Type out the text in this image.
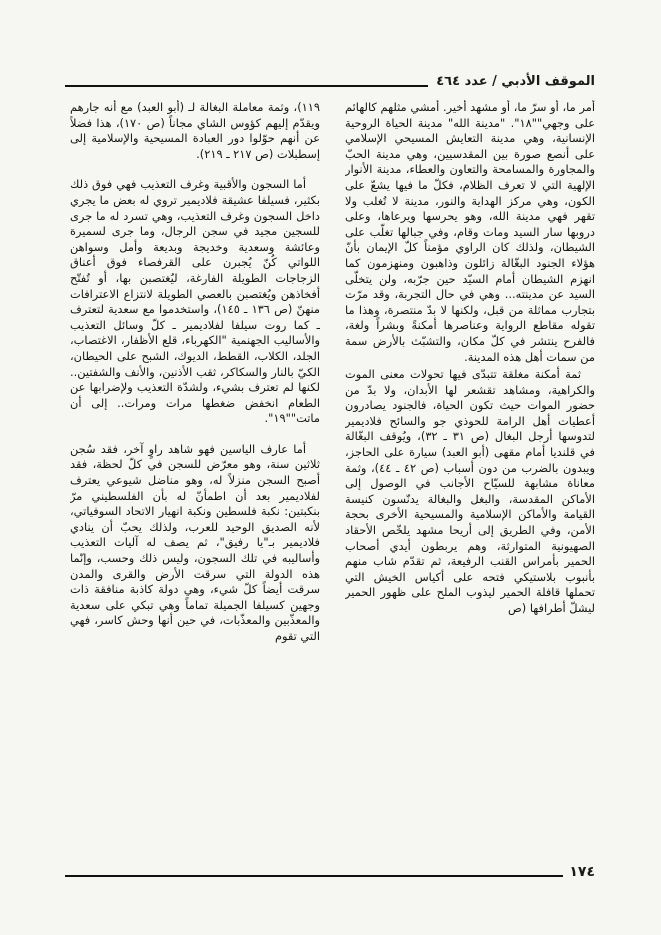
الموقف الأدبي / عدد ٤٦٤

أمر ما، أو سرّ ما، أو مشهد أخير. أمشي مثلهم كالهائم على وجهي""١٨". "مدينة الله" مدينة الحياة الروحية الإنسانية، وهي مدينة التعايش المسيحي الإسلامي على أنصع صورة بين المقدسيين، وهي مدينة الحبّ والمجاورة والمسامحة والتعاون والعطاء، مدينة الأنوار الإلهية التي لا تعرف الظلام، فكلّ ما فيها يشعّ على الكون، وهي مركز الهداية والنور، مدينة لا تُغلب ولا تقهر فهي مدينة الله، وهو يحرسها ويرعاها، وعلى دروبها سار السيد ومات وقام، وفي جبالها تغلّب على الشيطان، ولذلك كان الراوي مؤمناً كلّ الإيمان بأنّ هؤلاء الجنود البغّالة زائلون وذاهبون ومنهزمون كما انهزم الشيطان أمام السيّد حين جرّبه، ولن يتخلّى السيد عن مدينته... وهي في حال التجربة، وقد مرّت بتجارب مماثلة من قبل، ولكنها لا بدّ منتصرة، وهذا ما تقوله مقاطع الرواية وعناصرها أمكنةً وبشراً ولغة، فالفرح ينتشر في كلّ مكان، والتشبّث بالأرض سمة من سمات أهل هذه المدينة.

ثمة أمكنة مغلقة تتبدّى فيها تحولات معنى الموت والكراهية، ومشاهد تقشعر لها الأبدان، ولا بدّ من حضور الموات حيث تكون الحياة، فالجنود يصادرون أعطيات أهل الرامة للحوذي جو والسائح فلاديمير لتدوسها أرجل البغال (ص ٣١ ـ ٣٢)، ويُوقف البغّالة في قلنديا أمام مقهى (أبو العبد) سيارة على الحاجز، ويبدون بالضرب من دون أسباب (ص ٤٢ ـ ٤٤)، وثمة معاناة مشابهة للسيّاح الأجانب في الوصول إلى الأماكن المقدسة، والبغل والبغالة يدنّسون كنيسة القيامة والأماكن الإسلامية والمسيحية الأخرى بحجة الأمن، وفي الطريق إلى أريحا مشهد يلخّص الأحقاد الصهيونية المتوارثة، وهم يربطون أيدي أصحاب الحمير بأمراس القنب الرفيعة، ثم تقدّم شاب منهم بأنبوب بلاستيكي فتحه على أكياس الخيش التي تحملها قافلة الحمير ليذوب الملح على ظهور الحمير ليشلّ أطرافها (ص

١١٩)، وثمة معاملة البغالة لـ (أبو العبد) مع أنه جارهم ويقدّم إليهم كؤوس الشاي مجاناً (ص ١٧٠)، هذا فضلاً عن أنهم حوّلوا دور العبادة المسيحية والإسلامية إلى إسطبلات (ص ٢١٧ ـ ٢١٩).

أما السجون والأقبية وغرف التعذيب فهي فوق ذلك بكثير، فسيلفا عشيقة فلاديمير تروي له بعض ما يجري داخل السجون وغرف التعذيب، وهي تسرد له ما جرى للسجين مجيد في سجن الرجال، وما جرى لسميرة وعائشة وسعدية وخديجة وبديعة وأمل وسواهن اللواتي كُنّ يُجبرن على القرفصاء فوق أعناق الزجاجات الطويلة الفارغة، ليُغتصبن بها، أو تُفتّح أفخاذهن ويُغتصبن بالعصي الطويلة لانتزاع الاعترافات منهنّ (ص ١٣٦ ـ ١٤٥)، واستخدموا مع سعدية لتعترف ـ كما روت سيلفا لفلاديمير ـ كلّ وسائل التعذيب والأساليب الجهنمية "الكهرباء، قلع الأظفار، الاغتصاب، الجلد، الكلاب، القطط، الديوك، الشبح على الحيطان، الكيّ بالنار والسكاكر، ثقب الأذنين، والأنف والشفتين.. لكنها لم تعترف بشيء، ولشدّة التعذيب ولإضرابها عن الطعام انخفض ضغطها مرات ومرات.. إلى أن ماتت""١٩".

أما عارف الياسين فهو شاهد راوٍ آخر، فقد سُجن ثلاثين سنة، وهو معرّض للسجن في كلّ لحظة، فقد أصبح السجن منزلاً له، وهو مناضل شيوعي يعترف لفلاديمير بعد أن اطمأنّ له بأن الفلسطيني مرّ بنكبتين: نكبة فلسطين ونكبة انهيار الاتحاد السوفياتي، لأنه الصديق الوحيد للعرب، ولذلك يحبّ أن ينادي فلاديمير بـ"يا رفيق"، ثم يصف له آليات التعذيب وأساليبه في تلك السجون، وليس ذلك وحسب، وإنّما هذه الدولة التي سرقت الأرض والقرى والمدن سرقت أيضاً كلّ شيء، وهي دولة كاذبة منافقة ذات وجهين كسيلفا الجميلة تماماً وهي تبكي على سعدية والمعذّبين والمعذّبات، في حين أنها وحش كاسر، فهي التي تقوم

١٧٤
